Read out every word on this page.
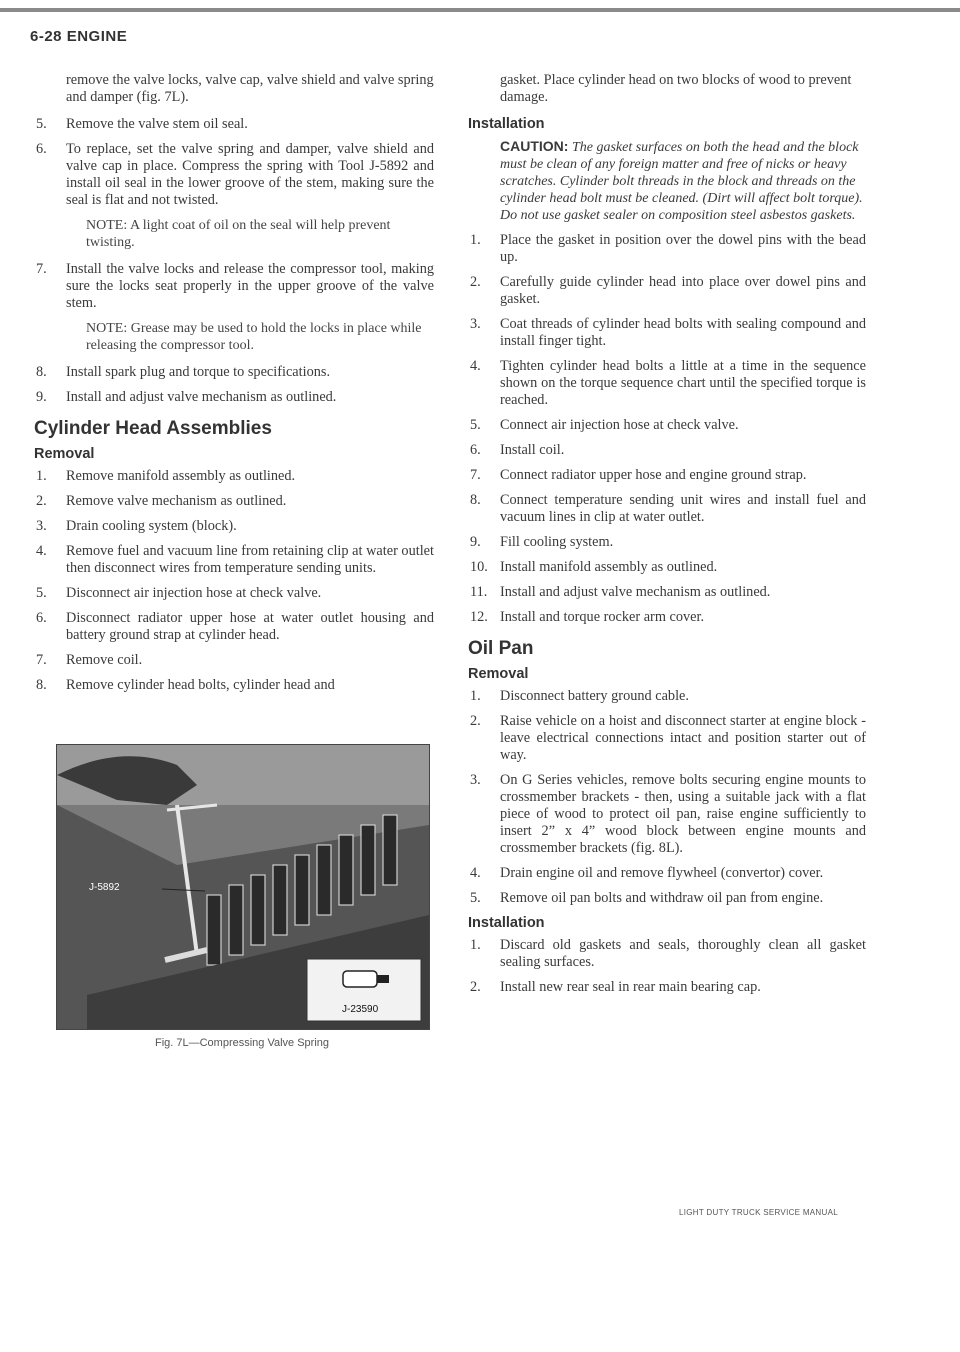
6-28 ENGINE

remove the valve locks, valve cap, valve shield and valve spring and damper (fig. 7L).

5.	Remove the valve stem oil seal.

6.	To replace, set the valve spring and damper, valve shield and valve cap in place. Compress the spring with Tool J-5892 and install oil seal in the lower groove of the stem, making sure the seal is flat and not twisted.

NOTE: A light coat of oil on the seal will help prevent twisting.

7.	Install the valve locks and release the compressor tool, making sure the locks seat properly in the upper groove of the valve stem.

NOTE: Grease may be used to hold the locks in place while releasing the compressor tool.

8.	Install spark plug and torque to specifications.

9.	Install and adjust valve mechanism as outlined.

Cylinder Head Assemblies
Removal
1.	Remove manifold assembly as outlined.

2.	Remove valve mechanism as outlined.

3.	Drain cooling system (block).

4.	Remove fuel and vacuum line from retaining clip at water outlet then disconnect wires from temperature sending units.

5.	Disconnect air injection hose at check valve.

6.	Disconnect radiator upper hose at water outlet housing and battery ground strap at cylinder head.

7.	Remove coil.

8.	Remove cylinder head bolts, cylinder head and

J-5892
J-23590
Fig. 7L—Compressing Valve Spring

gasket. Place cylinder head on two blocks of wood to prevent damage.

Installation

CAUTION: The gasket surfaces on both the head and the block must be clean of any foreign matter and free of nicks or heavy scratches. Cylinder bolt threads in the block and threads on the cylinder head bolt must be cleaned. (Dirt will affect bolt torque). Do not use gasket sealer on composition steel asbestos gaskets.

1.	Place the gasket in position over the dowel pins with the bead up.

2.	Carefully guide cylinder head into place over dowel pins and gasket.

3.	Coat threads of cylinder head bolts with sealing compound and install finger tight.

4.	Tighten cylinder head bolts a little at a time in the sequence shown on the torque sequence chart until the specified torque is reached.

5.	Connect air injection hose at check valve.

6.	Install coil.

7.	Connect radiator upper hose and engine ground strap.

8.	Connect temperature sending unit wires and install fuel and vacuum lines in clip at water outlet.

9.	Fill cooling system.

10. Install manifold assembly as outlined.

11. Install and adjust valve mechanism as outlined.

12. Install and torque rocker arm cover.

Oil Pan
Removal
1.	Disconnect battery ground cable.

2.	Raise vehicle on a hoist and disconnect starter at engine block - leave electrical connections intact and position starter out of way.

3.	On G Series vehicles, remove bolts securing engine mounts to crossmember brackets - then, using a suitable jack with a flat piece of wood to protect oil pan, raise engine sufficiently to insert 2” x 4” wood block between engine mounts and crossmember brackets (fig. 8L).

4.	Drain engine oil and remove flywheel (convertor) cover.

5.	Remove oil pan bolts and withdraw oil pan from engine.

Installation
1.	Discard old gaskets and seals, thoroughly clean all gasket sealing surfaces.

2.	Install new rear seal in rear main bearing cap.

LIGHT DUTY TRUCK SERVICE MANUAL
